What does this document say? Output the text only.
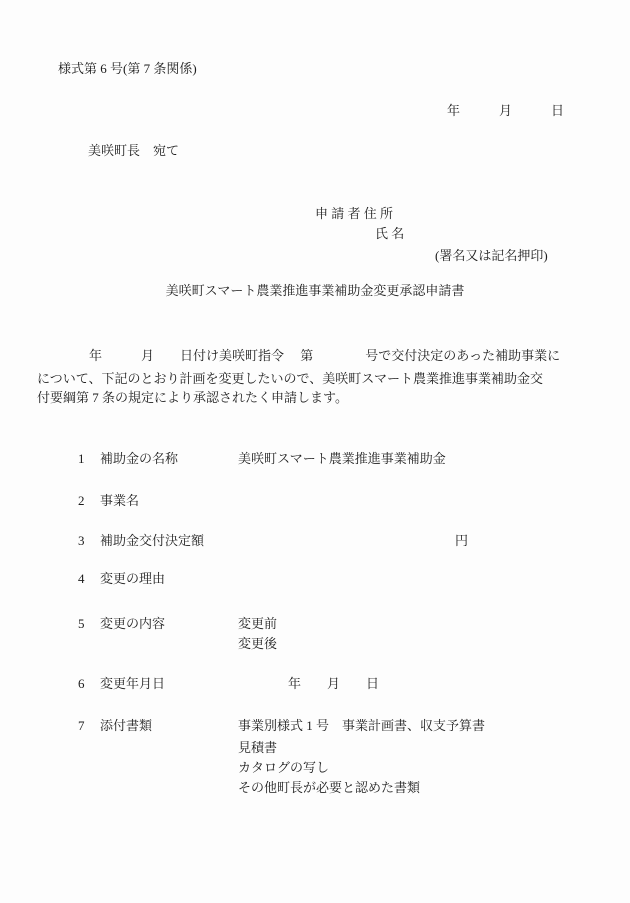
様式第 6 号(第 7 条関係)
年　　　月　　　日
美咲町長　宛て
申 請 者 住 所
氏 名
(署名又は記名押印)
美咲町スマート農業推進事業補助金変更承認申請書
　　　　年　　　月　　日付け美咲町指令　 第　　　　号で交付決定のあった補助事業に
について、下記のとおり計画を変更したいので、美咲町スマート農業推進事業補助金交
付要綱第 7 条の規定により承認されたく申請します。
1 補助金の名称	美咲町スマート農業推進事業補助金
2 事業名
3 補助金交付決定額	円
4 変更の理由
5 変更の内容	変更前
変更後
6 変更年月日	年　　月　　日
7 添付書類	事業別様式 1 号　事業計画書、収支予算書
見積書
カタログの写し
その他町長が必要と認めた書類
